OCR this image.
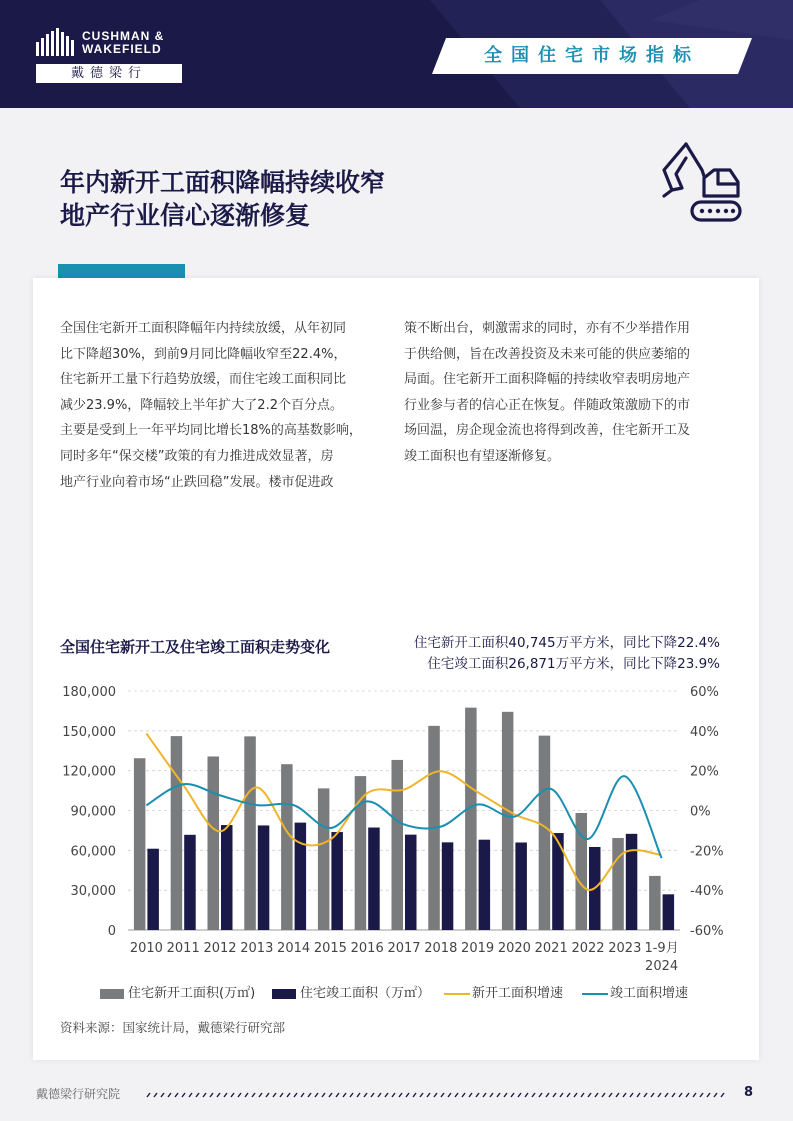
CUSHMAN &
WAKEFIELD
戴德梁行
全国住宅市场指标
年内新开工面积降幅持续收窄
地产行业信心逐渐修复
全国住宅新开工面积降幅年内持续放缓，从年初同
比下降超30%，到前9月同比降幅收窄至22.4%，
住宅新开工量下行趋势放缓，而住宅竣工面积同比
减少23.9%，降幅较上半年扩大了2.2个百分点。
主要是受到上一年平均同比增长18%的高基数影响，
同时多年“保交楼”政策的有力推进成效显著，房
地产行业向着市场“止跌回稳”发展。楼市促进政
策不断出台，刺激需求的同时，亦有不少举措作用
于供给侧，旨在改善投资及未来可能的供应萎缩的
局面。住宅新开工面积降幅的持续收窄表明房地产
行业参与者的信心正在恢复。伴随政策激励下的市
场回温，房企现金流也将得到改善，住宅新开工及
竣工面积也有望逐渐修复。
全国住宅新开工及住宅竣工面积走势变化	住宅新开工面积40,745万平方米，同比下降22.4%
住宅竣工面积26,871万平方米，同比下降23.9%
0	-60%
30,000	-40%
60,000	-20%
90,000	0%
120,000	20%
150,000	40%
180,000	60%
2010 2011 2012 2013 2014 2015 2016 2017 2018 2019 2020 2021 2022 2023 1-9月
2024
住宅新开工面积(万㎡)	住宅竣工面积（万㎡）	新开工面积增速	竣工面积增速
资料来源：国家统计局，戴德梁行研究部
戴德梁行研究院	8
